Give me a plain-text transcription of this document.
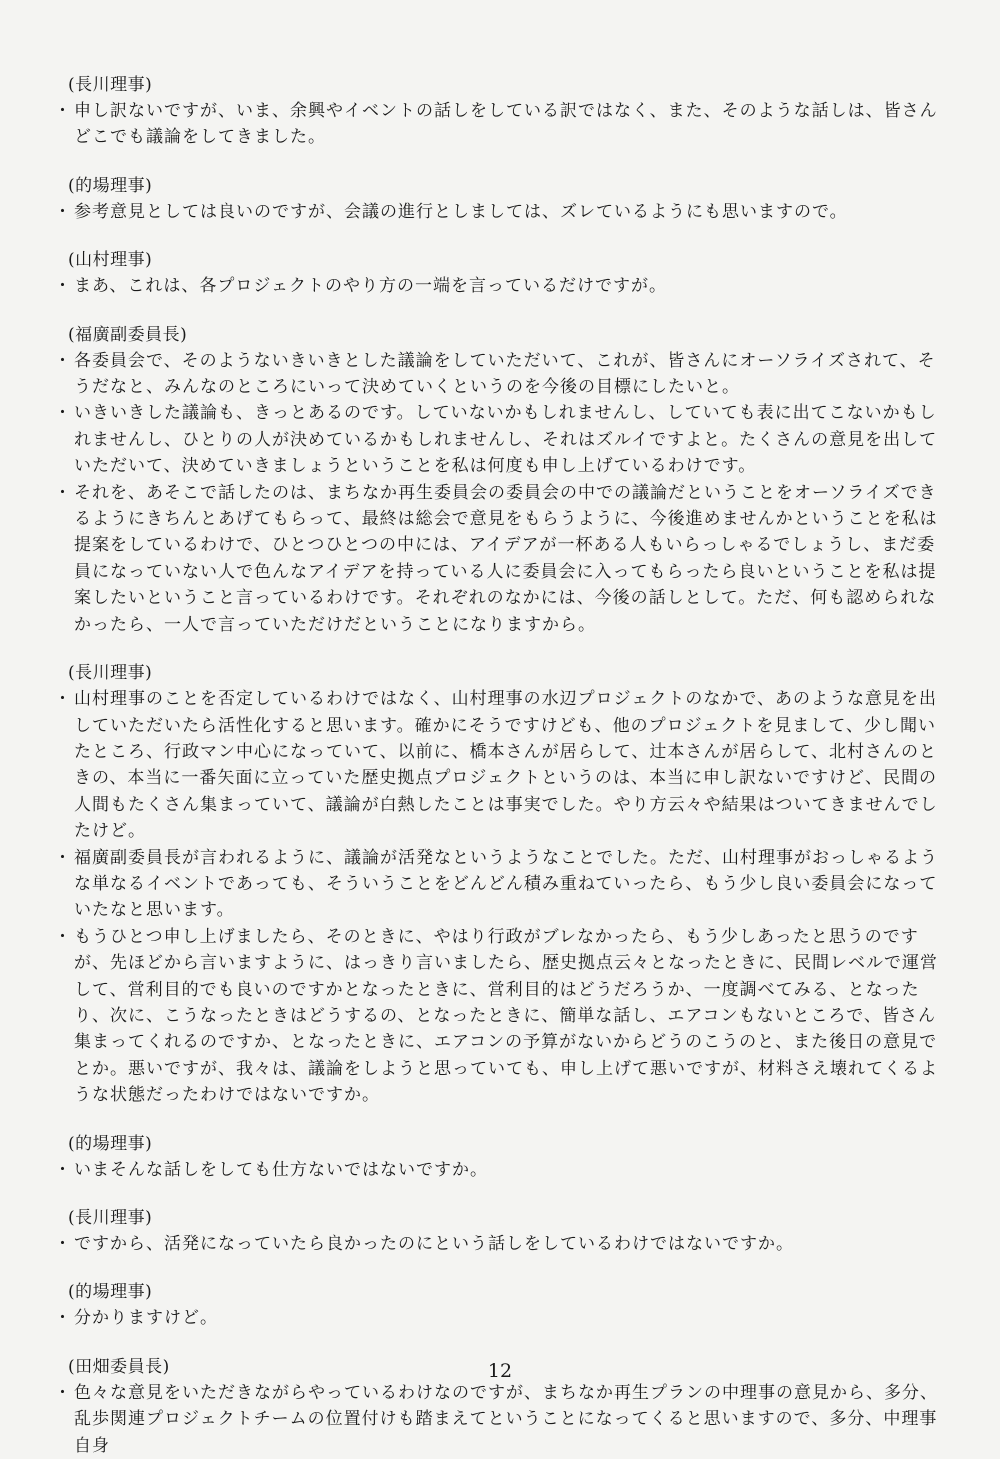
(長川理事)

・ 申し訳ないですが、いま、余興やイベントの話しをしている訳ではなく、また、そのような話しは、皆さんどこでも議論をしてきました。

(的場理事)

・ 参考意見としては良いのですが、会議の進行としましては、ズレているようにも思いますので。

(山村理事)

・ まあ、これは、各プロジェクトのやり方の一端を言っているだけですが。

(福廣副委員長)

・ 各委員会で、そのようないきいきとした議論をしていただいて、これが、皆さんにオーソライズされて、そうだなと、みんなのところにいって決めていくというのを今後の目標にしたいと。

・ いきいきした議論も、きっとあるのです。していないかもしれませんし、していても表に出てこないかもしれませんし、ひとりの人が決めているかもしれませんし、それはズルイですよと。たくさんの意見を出していただいて、決めていきましょうということを私は何度も申し上げているわけです。

・ それを、あそこで話したのは、まちなか再生委員会の委員会の中での議論だということをオーソライズできるようにきちんとあげてもらって、最終は総会で意見をもらうように、今後進めませんかということを私は提案をしているわけで、ひとつひとつの中には、アイデアが一杯ある人もいらっしゃるでしょうし、まだ委員になっていない人で色んなアイデアを持っている人に委員会に入ってもらったら良いということを私は提案したいということ言っているわけです。それぞれのなかには、今後の話しとして。ただ、何も認められなかったら、一人で言っていただけだということになりますから。

(長川理事)

・ 山村理事のことを否定しているわけではなく、山村理事の水辺プロジェクトのなかで、あのような意見を出していただいたら活性化すると思います。確かにそうですけども、他のプロジェクトを見まして、少し聞いたところ、行政マン中心になっていて、以前に、橋本さんが居らして、辻本さんが居らして、北村さんのときの、本当に一番矢面に立っていた歴史拠点プロジェクトというのは、本当に申し訳ないですけど、民間の人間もたくさん集まっていて、議論が白熱したことは事実でした。やり方云々や結果はついてきませんでしたけど。

・ 福廣副委員長が言われるように、議論が活発なというようなことでした。ただ、山村理事がおっしゃるような単なるイベントであっても、そういうことをどんどん積み重ねていったら、もう少し良い委員会になっていたなと思います。

・ もうひとつ申し上げましたら、そのときに、やはり行政がブレなかったら、もう少しあったと思うのですが、先ほどから言いますように、はっきり言いましたら、歴史拠点云々となったときに、民間レベルで運営して、営利目的でも良いのですかとなったときに、営利目的はどうだろうか、一度調べてみる、となったり、次に、こうなったときはどうするの、となったときに、簡単な話し、エアコンもないところで、皆さん集まってくれるのですか、となったときに、エアコンの予算がないからどうのこうのと、また後日の意見でとか。悪いですが、我々は、議論をしようと思っていても、申し上げて悪いですが、材料さえ壊れてくるような状態だったわけではないですか。

(的場理事)

・ いまそんな話しをしても仕方ないではないですか。

(長川理事)

・ ですから、活発になっていたら良かったのにという話しをしているわけではないですか。

(的場理事)

・ 分かりますけど。

(田畑委員長)

・ 色々な意見をいただきながらやっているわけなのですが、まちなか再生プランの中理事の意見から、多分、乱歩関連プロジェクトチームの位置付けも踏まえてということになってくると思いますので、多分、中理事自身

12
